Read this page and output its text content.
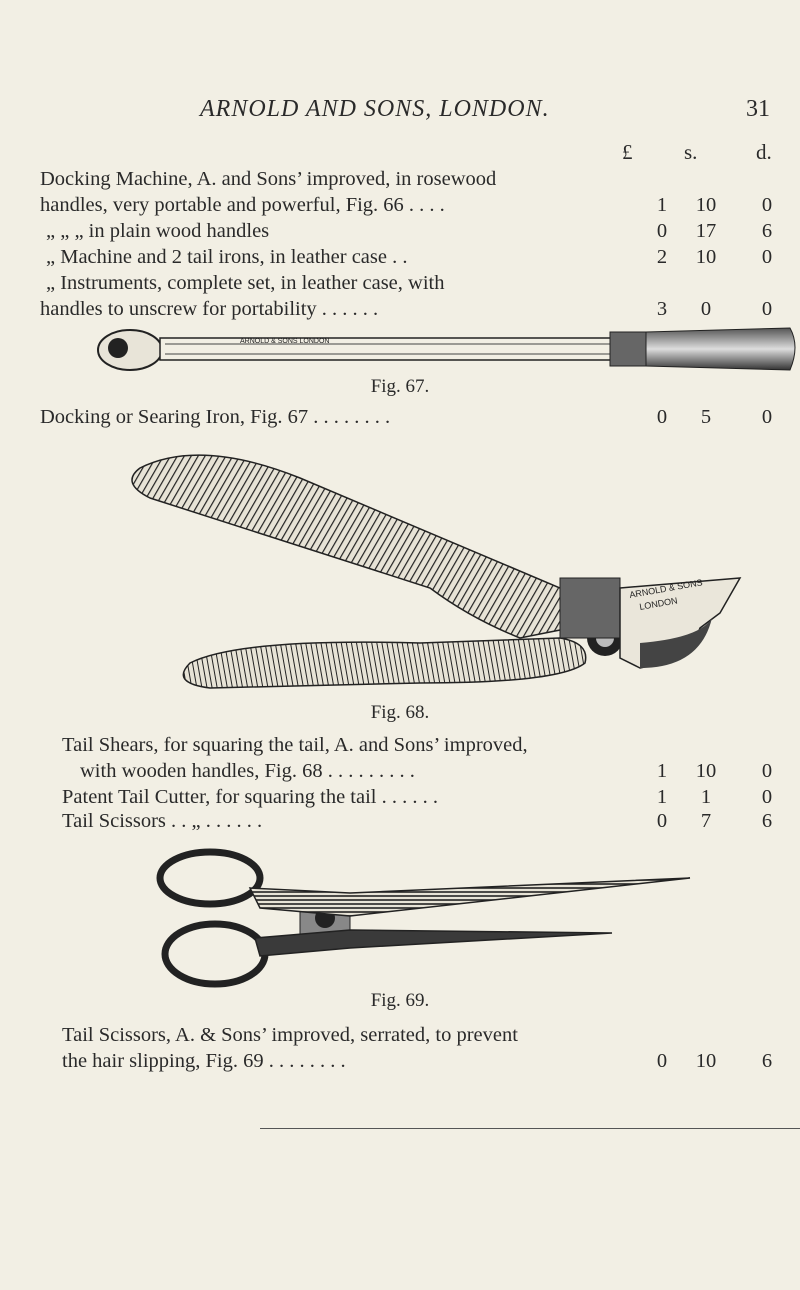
ARNOLD AND SONS, LONDON.	31
£ s.	d.
Docking Machine, A. and Sons’ improved, in rosewood
handles, very portable and powerful, Fig. 66 . . . .	1	10	0
„ „ „ in plain wood handles	0	17	6
„ Machine and 2 tail irons, in leather case . .	2	10	0
„ Instruments, complete set, in leather case, with
handles to unscrew for portability . . . . . .	3	0	0
ARNOLD & SONS LONDON
Fig. 67.
Docking or Searing Iron, Fig. 67 . . . . . . . .	0	5	0
ARNOLD & SONS
LONDON
Fig. 68.
Tail Shears, for squaring the tail, A. and Sons’ improved,
with wooden handles, Fig. 68 . . . . . . . . .	1	10	0
Patent Tail Cutter, for squaring the tail . . . . . .	1	1	0
Tail Scissors . . „ . . . . . .	0	7	6
Fig. 69.
Tail Scissors, A. & Sons’ improved, serrated, to prevent
the hair slipping, Fig. 69 . . . . . . . .	0	10	6
